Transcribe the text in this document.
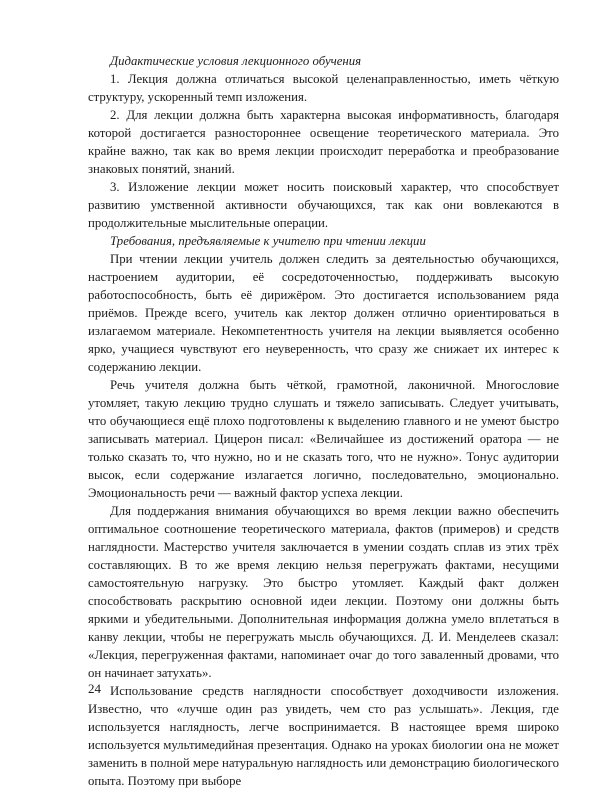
Дидактические условия лекционного обучения

1. Лекция должна отличаться высокой целенаправленностью, иметь чёткую структуру, ускоренный темп изложения.

2. Для лекции должна быть характерна высокая информативность, благодаря которой достигается разностороннее освещение теоретического материала. Это крайне важно, так как во время лекции происходит переработка и преобразование знаковых понятий, знаний.

3. Изложение лекции может носить поисковый характер, что способствует развитию умственной активности обучающихся, так как они вовлекаются в продолжительные мыслительные операции.

Требования, предъявляемые к учителю при чтении лекции

При чтении лекции учитель должен следить за деятельностью обучающихся, настроением аудитории, её сосредоточенностью, поддерживать высокую работоспособность, быть её дирижёром. Это достигается использованием ряда приёмов. Прежде всего, учитель как лектор должен отлично ориентироваться в излагаемом материале. Некомпетентность учителя на лекции выявляется особенно ярко, учащиеся чувствуют его неуверенность, что сразу же снижает их интерес к содержанию лекции.

Речь учителя должна быть чёткой, грамотной, лаконичной. Многословие утомляет, такую лекцию трудно слушать и тяжело записывать. Следует учитывать, что обучающиеся ещё плохо подготовлены к выделению главного и не умеют быстро записывать материал. Цицерон писал: «Величайшее из достижений оратора — не только сказать то, что нужно, но и не сказать того, что не нужно». Тонус аудитории высок, если содержание излагается логично, последовательно, эмоционально. Эмоциональность речи — важный фактор успеха лекции.

Для поддержания внимания обучающихся во время лекции важно обеспечить оптимальное соотношение теоретического материала, фактов (примеров) и средств наглядности. Мастерство учителя заключается в умении создать сплав из этих трёх составляющих. В то же время лекцию нельзя перегружать фактами, несущими самостоятельную нагрузку. Это быстро утомляет. Каждый факт должен способствовать раскрытию основной идеи лекции. Поэтому они должны быть яркими и убедительными. Дополнительная информация должна умело вплетаться в канву лекции, чтобы не перегружать мысль обучающихся. Д. И. Менделеев сказал: «Лекция, перегруженная фактами, напоминает очаг до того заваленный дровами, что он начинает затухать».

Использование средств наглядности способствует доходчивости изложения. Известно, что «лучше один раз увидеть, чем сто раз услышать». Лекция, где используется наглядность, легче воспринимается. В настоящее время широко используется мультимедийная презентация. Однако на уроках биологии она не может заменить в полной мере натуральную наглядность или демонстрацию биологического опыта. Поэтому при выборе

24
